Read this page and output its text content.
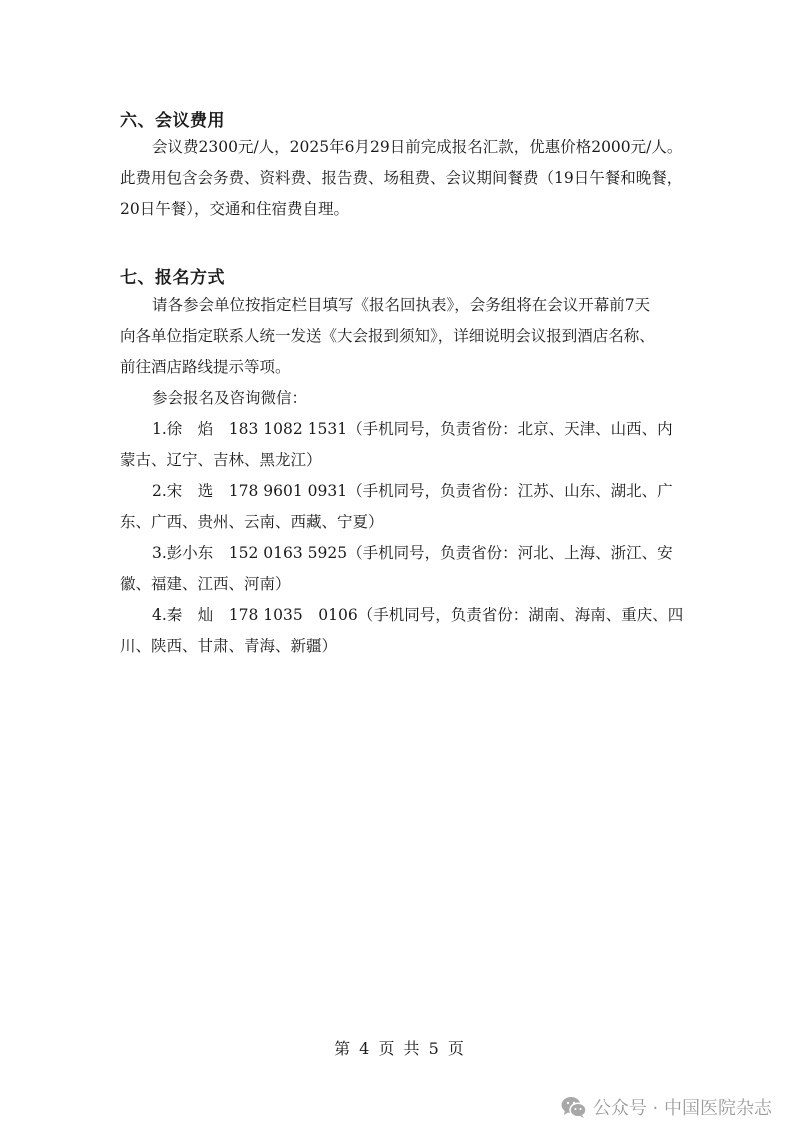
六、会议费用
会议费2300元/人，2025年6月29日前完成报名汇款，优惠价格2000元/人。
此费用包含会务费、资料费、报告费、场租费、会议期间餐费（19日午餐和晚餐，
20日午餐），交通和住宿费自理。
七、报名方式
请各参会单位按指定栏目填写《报名回执表》，会务组将在会议开幕前7天
向各单位指定联系人统一发送《大会报到须知》，详细说明会议报到酒店名称、
前往酒店路线提示等项。
参会报名及咨询微信：
1.徐　焰　183 1082 1531（手机同号，负责省份：北京、天津、山西、内
蒙古、辽宁、吉林、黑龙江）
2.宋　选　178 9601 0931（手机同号，负责省份：江苏、山东、湖北、广
东、广西、贵州、云南、西藏、宁夏）
3.彭小东　152 0163 5925（手机同号，负责省份：河北、上海、浙江、安
徽、福建、江西、河南）
4.秦　灿　178 1035　0106（手机同号，负责省份：湖南、海南、重庆、四
川、陕西、甘肃、青海、新疆）
第 4 页 共 5 页
公众号 · 中国医院杂志
